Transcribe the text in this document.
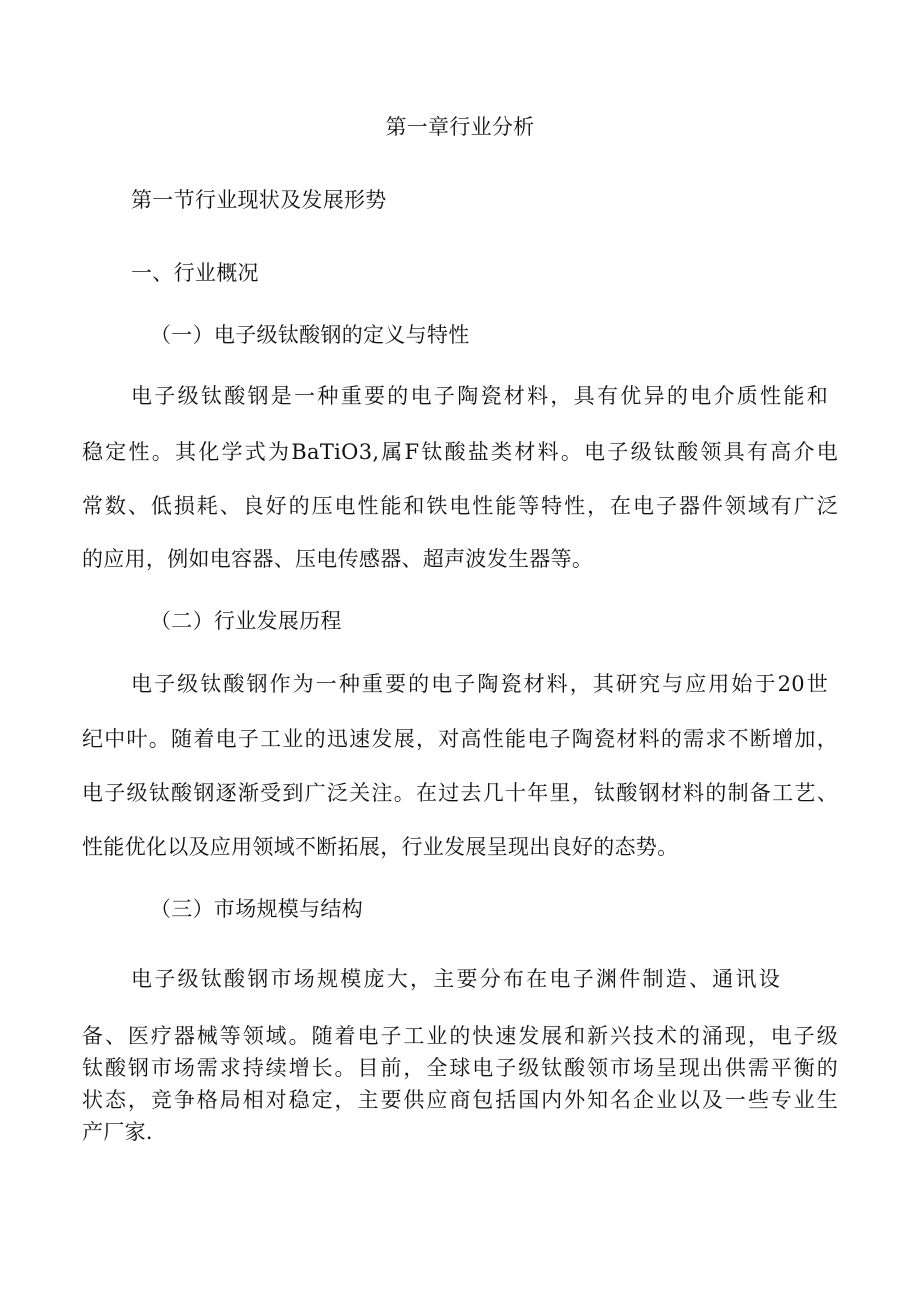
第一章行业分析
第一节行业现状及发展形势
一、行业概况
（一）电子级钛酸钢的定义与特性
电子级钛酸钢是一种重要的电子陶瓷材料，具有优异的电介质性能和
稳定性。其化学式为BaTiO3,属F钛酸盐类材料。电子级钛酸领具有高介电
常数、低损耗、良好的压电性能和铁电性能等特性，在电子器件领域有广泛
的应用，例如电容器、压电传感器、超声波发生器等。
（二）行业发展历程
电子级钛酸钢作为一种重要的电子陶瓷材料，其研究与应用始于20世
纪中叶。随着电子工业的迅速发展，对高性能电子陶瓷材料的需求不断增加，
电子级钛酸钢逐渐受到广泛关注。在过去几十年里，钛酸钢材料的制备工艺、
性能优化以及应用领域不断拓展，行业发展呈现出良好的态势。
（三）市场规模与结构
电子级钛酸钢市场规模庞大，主要分布在电子渊件制造、通讯设
备、医疗器械等领域。随着电子工业的快速发展和新兴技术的涌现，电子级
钛酸钢市场需求持续增长。目前，全球电子级钛酸领市场呈现出供需平衡的
状态，竞争格局相对稳定，主要供应商包括国内外知名企业以及一些专业生
产厂家.
